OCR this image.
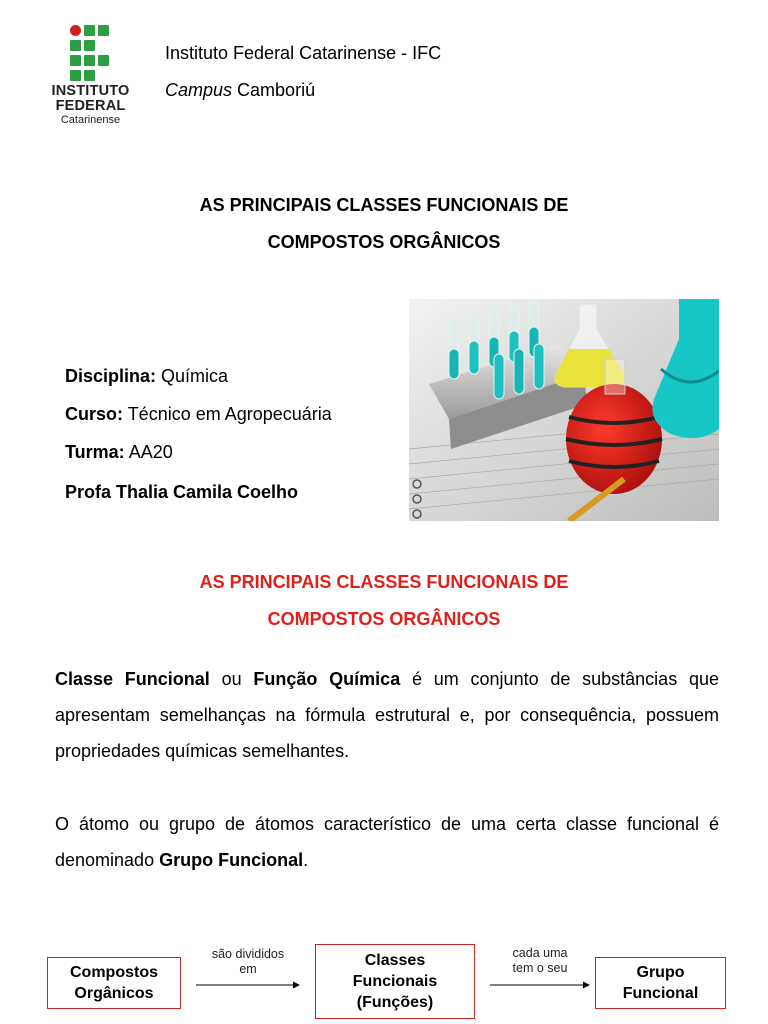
INSTITUTO
FEDERAL
Catarinense
Instituto Federal Catarinense - IFC
Campus Camboriú
AS PRINCIPAIS CLASSES FUNCIONAIS DE
COMPOSTOS ORGÂNICOS
Disciplina: Química
Curso: Técnico em Agropecuária
Turma: AA20
Profa Thalia Camila Coelho
AS PRINCIPAIS CLASSES FUNCIONAIS DE
COMPOSTOS ORGÂNICOS
Classe Funcional ou Função Química é um conjunto de substâncias que apresentam semelhanças na fórmula estrutural e, por consequência, possuem propriedades químicas semelhantes.
O átomo ou grupo de átomos característico de uma certa classe funcional é denominado Grupo Funcional.
Compostos
Orgânicos
são divididos
em	Classes
Funcionais
(Funções)
cada uma
tem o seu	Grupo
Funcional
